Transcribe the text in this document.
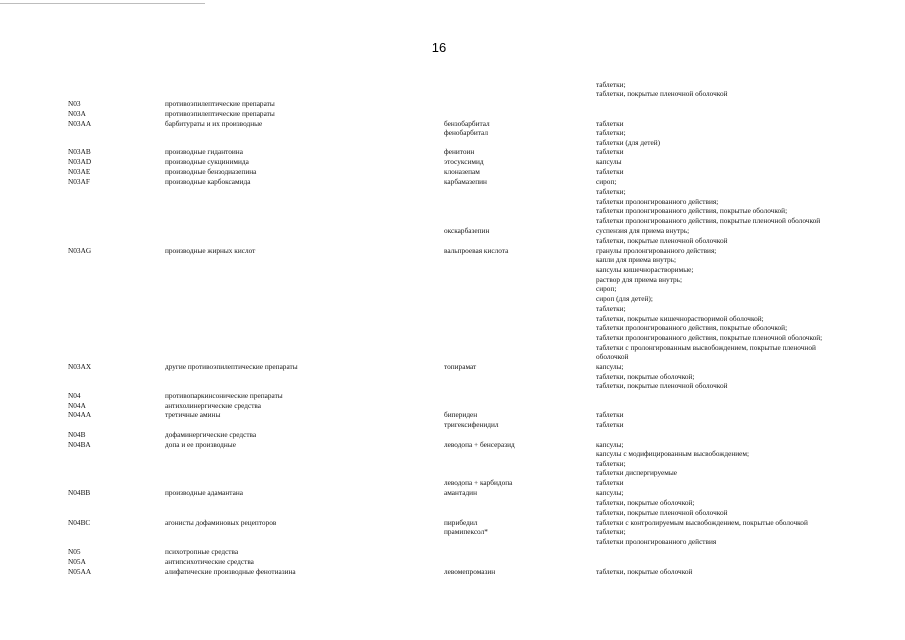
16
таблетки;
таблетки, покрытые пленочной оболочкой
N03	противоэпилептические препараты
N03A	противоэпилептические препараты
N03AA	барбитураты и их производные	бензобарбитал	таблетки
фенобарбитал	таблетки;
таблетки (для детей)
N03AB	производные гидантоина	фенитоин	таблетки
N03AD	производные сукцинимида	этосуксимид	капсулы
N03AE	производные бензодиазепина	клоназепам	таблетки
N03AF	производные карбоксамида	карбамазепин	сироп;
таблетки;
таблетки пролонгированного действия;
таблетки пролонгированного действия, покрытые оболочкой;
таблетки пролонгированного действия, покрытые пленочной оболочкой
окскарбазепин	суспензия для приема внутрь;
таблетки, покрытые пленочной оболочкой
N03AG	производные жирных кислот	вальпроевая кислота	гранулы пролонгированного действия;
капли для приема внутрь;
капсулы кишечнорастворимые;
раствор для приема внутрь;
сироп;
сироп (для детей);
таблетки;
таблетки, покрытые кишечнорастворимой оболочкой;
таблетки пролонгированного действия, покрытые оболочкой;
таблетки пролонгированного действия, покрытые пленочной оболочкой;
таблетки с пролонгированным высвобождением, покрытые пленочной
оболочкой
N03AX	другие противоэпилептические препараты	топирамат	капсулы;
таблетки, покрытые оболочкой;
таблетки, покрытые пленочной оболочкой
N04	противопаркинсонические препараты
N04A	антихолинергические средства
N04AA	третичные амины	бипериден	таблетки
тригексифенидил	таблетки
N04B	дофаминергические средства
N04BA	допа и ее производные	леводопа + бенсеразид	капсулы;
капсулы с модифицированным высвобождением;
таблетки;
таблетки диспергируемые
леводопа + карбидопа	таблетки
N04BB	производные адамантана	амантадин	капсулы;
таблетки, покрытые оболочкой;
таблетки, покрытые пленочной оболочкой
N04BC	агонисты дофаминовых рецепторов	пирибедил	таблетки с контролируемым высвобождением, покрытые оболочкой
прамипексол*	таблетки;
таблетки пролонгированного действия
N05	психотропные средства
N05A	антипсихотические средства
N05AA	алифатические производные фенотиазина	левомепромазин	таблетки, покрытые оболочкой
